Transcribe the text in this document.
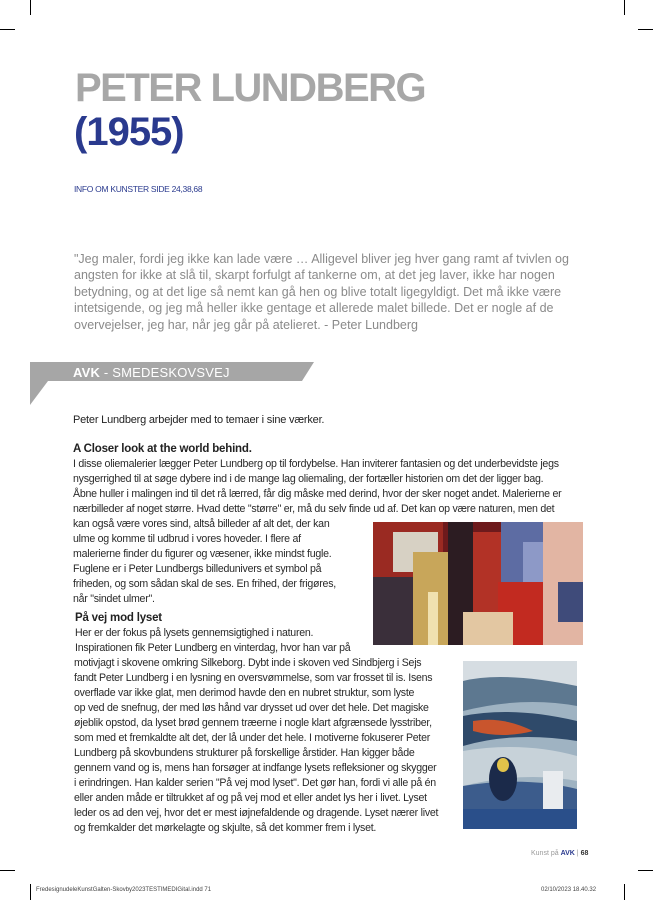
PETER LUNDBERG
(1955)
INFO OM KUNSTER SIDE 24,38,68
"Jeg maler, fordi jeg ikke kan lade være … Alligevel bliver jeg hver gang ramt af tvivlen og angsten for ikke at slå til, skarpt forfulgt af tankerne om, at det jeg laver, ikke har nogen betydning, og at det lige så nemt kan gå hen og blive totalt ligegyldigt. Det må ikke være intetsigende, og jeg må heller ikke gentage et allerede malet billede. Det er nogle af de overvejelser, jeg har, når jeg går på atelieret. - Peter Lundberg
AVK - SMEDESKOVSVEJ
Peter Lundberg arbejder med to temaer i sine værker.
A Closer look at the world behind.
I disse oliemalerier lægger Peter Lundberg op til fordybelse. Han inviterer fantasien og det underbevidste jegs
nysgerrighed til at søge dybere ind i de mange lag oliemaling, der fortæller historien om det der ligger bag.
Åbne huller i malingen ind til det rå lærred, får dig måske med derind, hvor der sker noget andet. Malerierne er
nærbilleder af noget større. Hvad dette "større" er, må du selv finde ud af. Det kan op være naturen, men det
kan også være vores sind, altså billeder af alt det, der kan
ulme og komme til udbrud i vores hoveder. I flere af
malerierne finder du figurer og væsener, ikke mindst fugle.
Fuglene er i Peter Lundbergs billedunivers et symbol på
friheden, og som sådan skal de ses. En frihed, der frigøres,
når "sindet ulmer".
På vej mod lyset
Her er der fokus på lysets gennemsigtighed i naturen.
Inspirationen fik Peter Lundberg en vinterdag, hvor han var på
motivjagt i skovene omkring Silkeborg. Dybt inde i skoven ved Sindbjerg i Sejs
fandt Peter Lundberg i en lysning en oversvømmelse, som var frosset til is. Isens
overflade var ikke glat, men derimod havde den en nubret struktur, som lyste
op ved de snefnug, der med løs hånd var drysset ud over det hele. Det magiske
øjeblik opstod, da lyset brød gennem træerne i nogle klart afgrænsede lysstriber,
som med et fremkaldte alt det, der lå under det hele. I motiverne fokuserer Peter
Lundberg på skovbundens strukturer på forskellige årstider. Han kigger både
gennem vand og is, mens han forsøger at indfange lysets refleksioner og skygger
i erindringen. Han kalder serien "På vej mod lyset". Det gør han, fordi vi alle på én
eller anden måde er tiltrukket af og på vej mod et eller andet lys her i livet. Lyset
leder os ad den vej, hvor det er mest iøjnefaldende og dragende. Lyset nærer livet
og fremkalder det mørkelagte og skjulte, så det kommer frem i lyset.
Kunst på AVK | 68
FredesignudeleKunstGalten-Skovby2023TESTIMEDIGital.indd 71	02/10/2023 18.40.32
